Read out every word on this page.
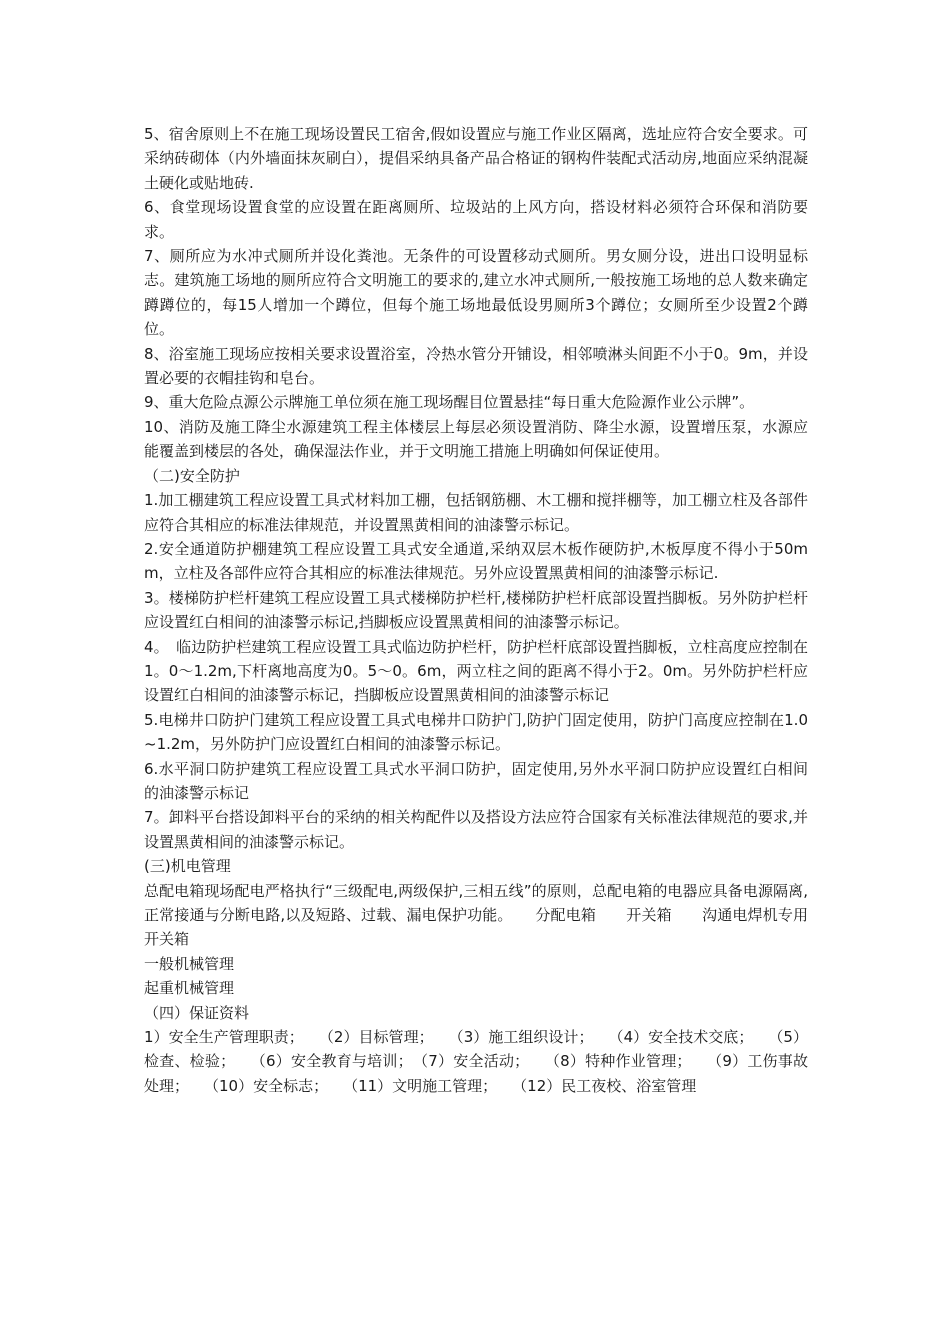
5、宿舍原则上不在施工现场设置民工宿舍,假如设置应与施工作业区隔离，选址应符合安全要求。可采纳砖砌体（内外墙面抹灰刷白），提倡采纳具备产品合格证的钢构件装配式活动房,地面应采纳混凝土硬化或贴地砖.

6、食堂现场设置食堂的应设置在距离厕所、垃圾站的上风方向，搭设材料必须符合环保和消防要求。

7、厕所应为水冲式厕所并设化粪池。无条件的可设置移动式厕所。男女厕分设，进出口设明显标志。建筑施工场地的厕所应符合文明施工的要求的,建立水冲式厕所,一般按施工场地的总人数来确定蹲蹲位的，每15人增加一个蹲位，但每个施工场地最低设男厕所3个蹲位；女厕所至少设置2个蹲位。

8、浴室施工现场应按相关要求设置浴室，冷热水管分开铺设，相邻喷淋头间距不小于0。9m，并设置必要的衣帽挂钩和皂台。

9、重大危险点源公示牌施工单位须在施工现场醒目位置悬挂“每日重大危险源作业公示牌”。

10、消防及施工降尘水源建筑工程主体楼层上每层必须设置消防、降尘水源，设置增压泵，水源应能覆盖到楼层的各处，确保湿法作业，并于文明施工措施上明确如何保证使用。

（二)安全防护

1.加工棚建筑工程应设置工具式材料加工棚，包括钢筋棚、木工棚和搅拌棚等，加工棚立柱及各部件应符合其相应的标准法律规范，并设置黑黄相间的油漆警示标记。

2.安全通道防护棚建筑工程应设置工具式安全通道,采纳双层木板作硬防护,木板厚度不得小于50mm，立柱及各部件应符合其相应的标准法律规范。另外应设置黑黄相间的油漆警示标记.

3。楼梯防护栏杆建筑工程应设置工具式楼梯防护栏杆,楼梯防护栏杆底部设置挡脚板。另外防护栏杆应设置红白相间的油漆警示标记,挡脚板应设置黑黄相间的油漆警示标记。

4。　临边防护栏建筑工程应设置工具式临边防护栏杆，防护栏杆底部设置挡脚板，立柱高度应控制在1。0～1.2m,下杆离地高度为0。5～0。6m，两立柱之间的距离不得小于2。0m。另外防护栏杆应设置红白相间的油漆警示标记，挡脚板应设置黑黄相间的油漆警示标记

5.电梯井口防护门建筑工程应设置工具式电梯井口防护门,防护门固定使用，防护门高度应控制在1.0~1.2m，另外防护门应设置红白相间的油漆警示标记。

6.水平洞口防护建筑工程应设置工具式水平洞口防护，固定使用,另外水平洞口防护应设置红白相间的油漆警示标记

7。卸料平台搭设卸料平台的采纳的相关构配件以及搭设方法应符合国家有关标准法律规范的要求,并设置黑黄相间的油漆警示标记。

(三)机电管理

总配电箱现场配电严格执行“三级配电,两级保护,三相五线”的原则，总配电箱的电器应具备电源隔离,正常接通与分断电路,以及短路、过载、漏电保护功能。　　分配电箱　　开关箱　　沟通电焊机专用开关箱

一般机械管理

起重机械管理

（四）保证资料

1）安全生产管理职责；　　（2）目标管理；　　（3）施工组织设计；　　（4）安全技术交底；　　（5）检查、检验；　　（6）安全教育与培训；　（7）安全活动；　　（8）特种作业管理；　　（9）工伤事故处理；　　（10）安全标志；　　（11）文明施工管理；　　（12）民工夜校、浴室管理
